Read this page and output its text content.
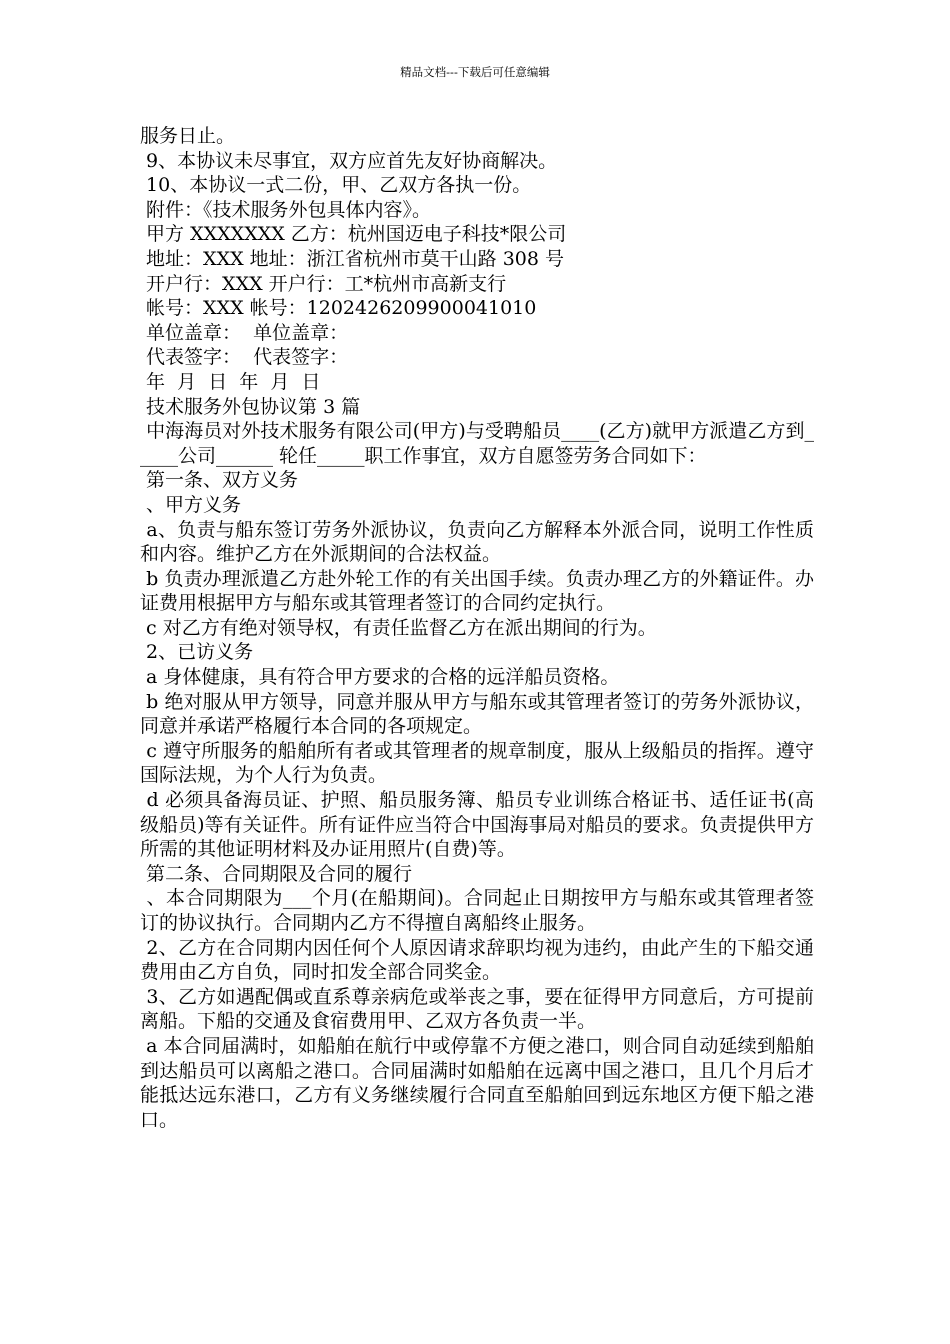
精品文档---下载后可任意编辑

服务日止。

9、本协议未尽事宜，双方应首先友好协商解决。

10、本协议一式二份，甲、乙双方各执一份。

附件：《技术服务外包具体内容》。

甲方 XXXXXXX 乙方：杭州国迈电子科技*限公司

地址：XXX 地址：浙江省杭州市莫干山路 308 号

开户行：XXX 开户行：工*杭州市高新支行

帐号：XXX 帐号：1202426209900041010

单位盖章：  单位盖章：

代表签字：  代表签字：

年  月  日  年  月  日

技术服务外包协议第 3 篇

中海海员对外技术服务有限公司(甲方)与受聘船员____(乙方)就甲方派遣乙方到_____公司______ 轮任_____职工作事宜，双方自愿签劳务合同如下：

第一条、双方义务

、甲方义务

a、负责与船东签订劳务外派协议，负责向乙方解释本外派合同，说明工作性质和内容。维护乙方在外派期间的合法权益。

b 负责办理派遣乙方赴外轮工作的有关出国手续。负责办理乙方的外籍证件。办证费用根据甲方与船东或其管理者签订的合同约定执行。

c 对乙方有绝对领导权，有责任监督乙方在派出期间的行为。

2、已访义务

a 身体健康，具有符合甲方要求的合格的远洋船员资格。

b 绝对服从甲方领导，同意并服从甲方与船东或其管理者签订的劳务外派协议，同意并承诺严格履行本合同的各项规定。

c 遵守所服务的船舶所有者或其管理者的规章制度，服从上级船员的指挥。遵守国际法规，为个人行为负责。

d 必须具备海员证、护照、船员服务簿、船员专业训练合格证书、适任证书(高级船员)等有关证件。所有证件应当符合中国海事局对船员的要求。负责提供甲方所需的其他证明材料及办证用照片(自费)等。

第二条、合同期限及合同的履行

、本合同期限为___个月(在船期间)。合同起止日期按甲方与船东或其管理者签订的协议执行。合同期内乙方不得擅自离船终止服务。

2、乙方在合同期内因任何个人原因请求辞职均视为违约，由此产生的下船交通费用由乙方自负，同时扣发全部合同奖金。

3、乙方如遇配偶或直系尊亲病危或举丧之事，要在征得甲方同意后，方可提前离船。下船的交通及食宿费用甲、乙双方各负责一半。

a 本合同届满时，如船舶在航行中或停靠不方便之港口，则合同自动延续到船舶到达船员可以离船之港口。合同届满时如船舶在远离中国之港口，且几个月后才能抵达远东港口，乙方有义务继续履行合同直至船舶回到远东地区方便下船之港口。
